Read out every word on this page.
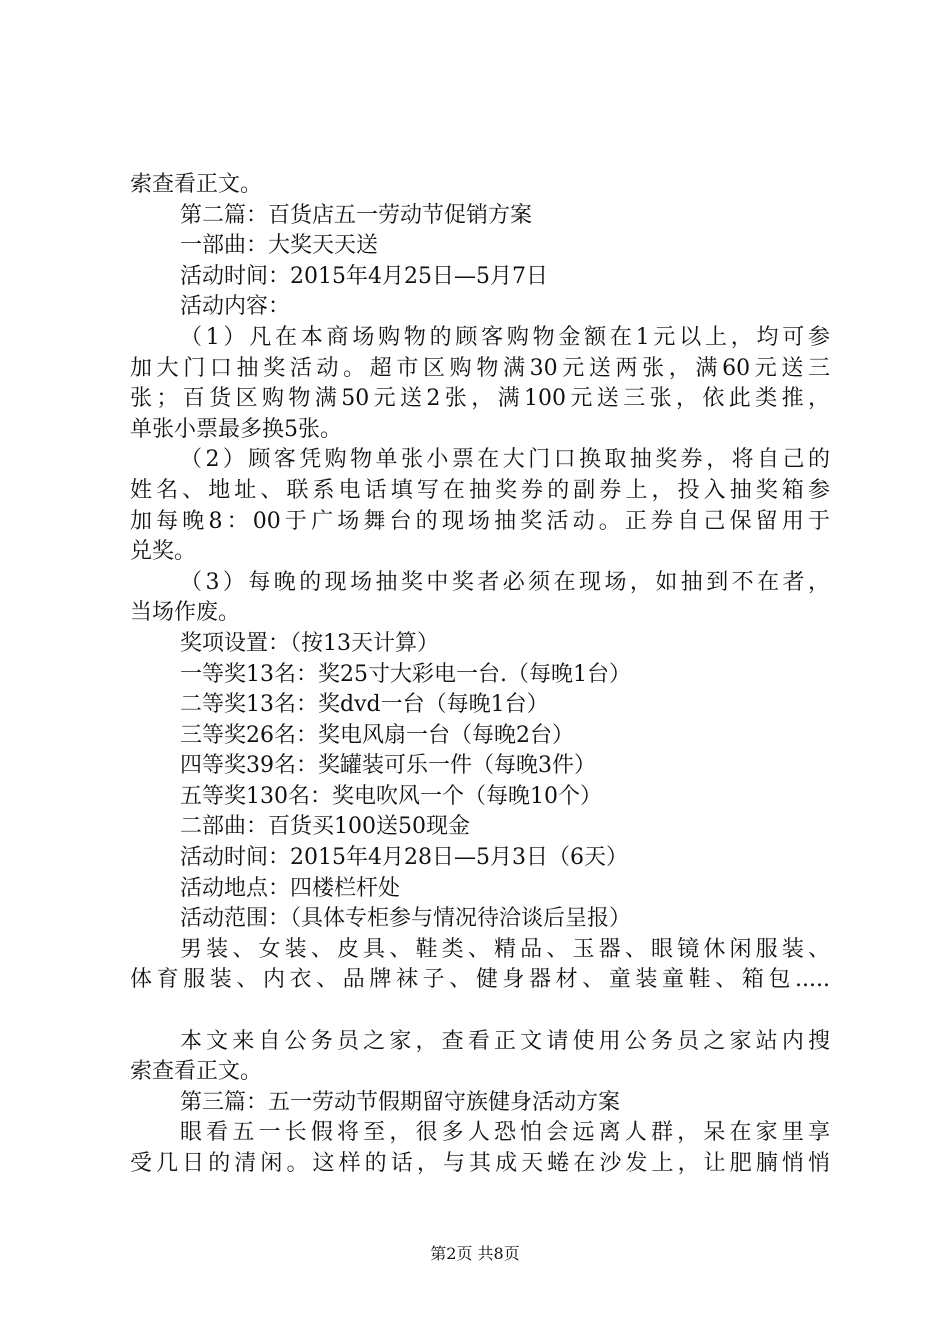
索查看正文。
第二篇：百货店五一劳动节促销方案
一部曲：大奖天天送
活动时间：2015年4月25日—5月7日
活动内容：
（1）凡在本商场购物的顾客购物金额在1元以上，均可参
加大门口抽奖活动。超市区购物满30元送两张，满60元送三
张；百货区购物满50元送2张，满100元送三张，依此类推，
单张小票最多换5张。
（2）顾客凭购物单张小票在大门口换取抽奖券，将自己的
姓名、地址、联系电话填写在抽奖券的副券上，投入抽奖箱参
加每晚8：00于广场舞台的现场抽奖活动。正券自己保留用于
兑奖。
（3）每晚的现场抽奖中奖者必须在现场，如抽到不在者，
当场作废。
奖项设置：（按13天计算）
一等奖13名：奖25寸大彩电一台.（每晚1台）
二等奖13名：奖dvd一台（每晚1台）
三等奖26名：奖电风扇一台（每晚2台）
四等奖39名：奖罐装可乐一件（每晚3件）
五等奖130名：奖电吹风一个（每晚10个）
二部曲：百货买100送50现金
活动时间：2015年4月28日—5月3日（6天）
活动地点：四楼栏杆处
活动范围：（具体专柜参与情况待洽谈后呈报）
男装、女装、皮具、鞋类、精品、玉器、眼镜休闲服装、
体育服装、内衣、品牌袜子、健身器材、童装童鞋、箱包.....
本文来自公务员之家，查看正文请使用公务员之家站内搜
索查看正文。
第三篇：五一劳动节假期留守族健身活动方案
眼看五一长假将至，很多人恐怕会远离人群，呆在家里享
受几日的清闲。这样的话，与其成天蜷在沙发上，让肥腩悄悄
第2页 共8页
